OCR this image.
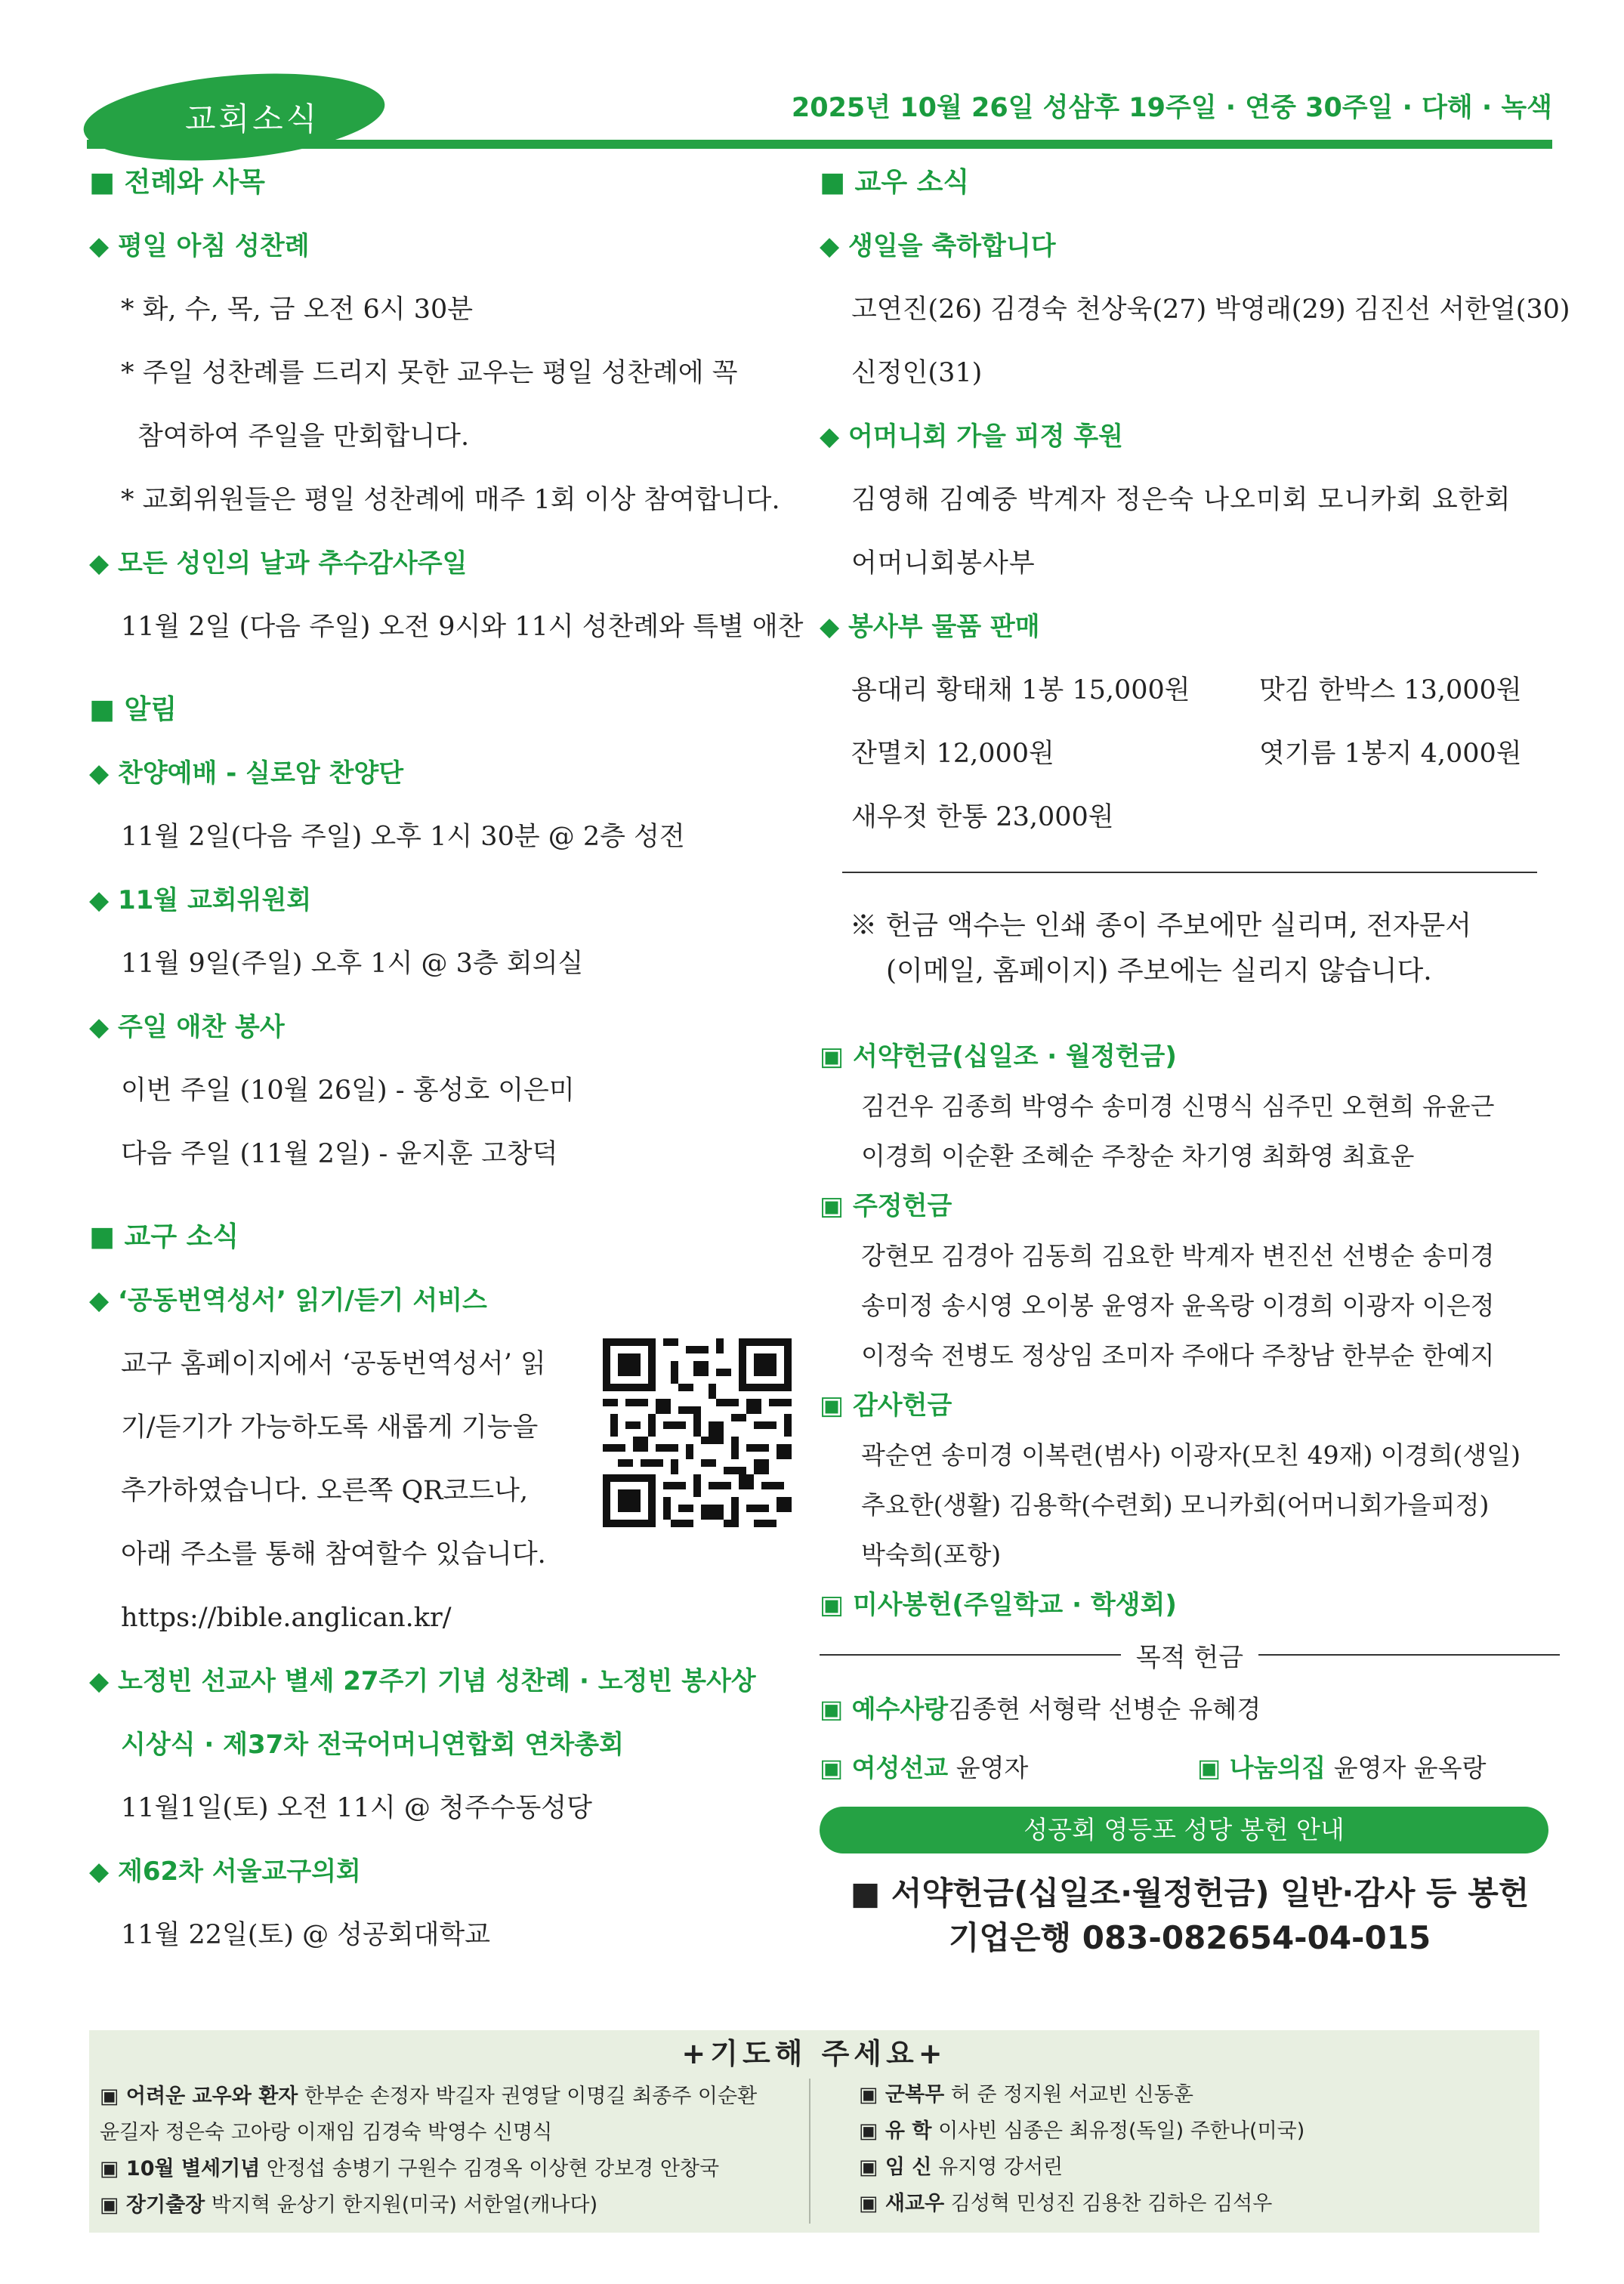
교회소식	2025년 10월 26일 성삼후 19주일 · 연중 30주일 · 다해 · 녹색
■ 전례와 사목
◆ 평일 아침 성찬례
* 화, 수, 목, 금 오전 6시 30분
* 주일 성찬례를 드리지 못한 교우는 평일 성찬례에 꼭
참여하여 주일을 만회합니다.
* 교회위원들은 평일 성찬례에 매주 1회 이상 참여합니다.
◆ 모든 성인의 날과 추수감사주일
11월 2일 (다음 주일) 오전 9시와 11시 성찬례와 특별 애찬
■ 알림
◆ 찬양예배 - 실로암 찬양단
11월 2일(다음 주일) 오후 1시 30분 @ 2층 성전
◆ 11월 교회위원회
11월 9일(주일) 오후 1시 @ 3층 회의실
◆ 주일 애찬 봉사
이번 주일 (10월 26일) - 홍성호 이은미
다음 주일 (11월 2일) - 윤지훈 고창덕
■ 교구 소식
◆ ‘공동번역성서’ 읽기/듣기 서비스
교구 홈페이지에서 ‘공동번역성서’ 읽
기/듣기가 가능하도록 새롭게 기능을
추가하였습니다. 오른쪽 QR코드나,
아래 주소를 통해 참여할수 있습니다.
https://bible.anglican.kr/
◆ 노정빈 선교사 별세 27주기 기념 성찬례 · 노정빈 봉사상
시상식 · 제37차 전국어머니연합회 연차총회
11월1일(토) 오전 11시 @ 청주수동성당
◆ 제62차 서울교구의회
11월 22일(토) @ 성공회대학교
■ 교우 소식
◆ 생일을 축하합니다
고연진(26) 김경숙 천상욱(27) 박영래(29) 김진선 서한얼(30)
신정인(31)
◆ 어머니회 가을 피정 후원
김영해 김예중 박계자 정은숙 나오미회 모니카회 요한회
어머니회봉사부
◆ 봉사부 물품 판매
용대리 황태채 1봉 15,000원	맛김 한박스 13,000원
잔멸치 12,000원	엿기름 1봉지 4,000원
새우젓 한통 23,000원
※ 헌금 액수는 인쇄 종이 주보에만 실리며, 전자문서
(이메일, 홈페이지) 주보에는 실리지 않습니다.
▣ 서약헌금(십일조 · 월정헌금)
김건우 김종희 박영수 송미경 신명식 심주민 오현희 유윤근
이경희 이순환 조혜순 주창순 차기영 최화영 최효운
▣ 주정헌금
강현모 김경아 김동희 김요한 박계자 변진선 선병순 송미경
송미정 송시영 오이봉 윤영자 윤옥랑 이경희 이광자 이은정
이정숙 전병도 정상임 조미자 주애다 주창남 한부순 한예지
▣ 감사헌금
곽순연 송미경 이복련(범사) 이광자(모친 49재) 이경희(생일)
추요한(생활) 김용학(수련회) 모니카회(어머니회가을피정)
박숙희(포항)
▣ 미사봉헌(주일학교 · 학생회)
목적 헌금
▣ 예수사랑 김종현 서형락 선병순 유혜경
▣ 여성선교 윤영자	▣ 나눔의집 윤영자 윤옥랑
성공회 영등포 성당 봉헌 안내
■ 서약헌금(십일조·월정헌금) 일반·감사 등 봉헌
기업은행 083-082654-04-015
+기도해 주세요+
▣ 어려운 교우와 환자 한부순 손정자 박길자 권영달 이명길 최종주 이순환
윤길자 정은숙 고아랑 이재임 김경숙 박영수 신명식
▣ 10월 별세기념 안정섭 송병기 구원수 김경옥 이상현 강보경 안창국
▣ 장기출장 박지혁 윤상기 한지원(미국) 서한얼(캐나다)
▣ 군복무 허 준 정지원 서교빈 신동훈
▣ 유 학 이사빈 심종은 최유정(독일) 주한나(미국)
▣ 임 신 유지영 강서린
▣ 새교우 김성혁 민성진 김용찬 김하은 김석우
